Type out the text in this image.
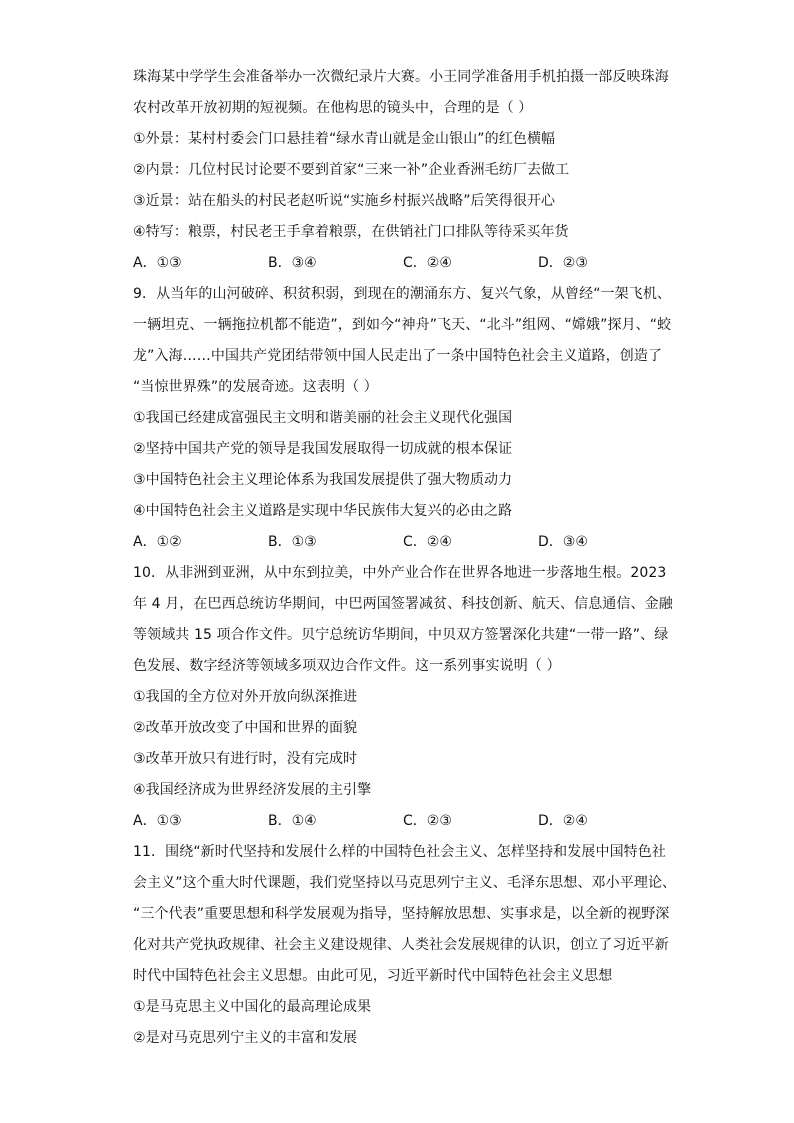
珠海某中学学生会准备举办一次微纪录片大赛。小王同学准备用手机拍摄一部反映珠海
农村改革开放初期的短视频。在他构思的镜头中，合理的是（ ）
①外景：某村村委会门口悬挂着“绿水青山就是金山银山”的红色横幅
②内景：几位村民讨论要不要到首家“三来一补”企业香洲毛纺厂去做工
③近景：站在船头的村民老赵听说“实施乡村振兴战略”后笑得很开心
④特写：粮票，村民老王手拿着粮票，在供销社门口排队等待采买年货
A．①③	B．③④	C．②④	D．②③
9．从当年的山河破碎、积贫积弱，到现在的潮涌东方、复兴气象，从曾经“一架飞机、
一辆坦克、一辆拖拉机都不能造”，到如今“神舟”飞天、“北斗”组网、“嫦娥”探月、“蛟
龙”入海……中国共产党团结带领中国人民走出了一条中国特色社会主义道路，创造了
“当惊世界殊”的发展奇迹。这表明（ ）
①我国已经建成富强民主文明和谐美丽的社会主义现代化强国
②坚持中国共产党的领导是我国发展取得一切成就的根本保证
③中国特色社会主义理论体系为我国发展提供了强大物质动力
④中国特色社会主义道路是实现中华民族伟大复兴的必由之路
A．①②	B．①③	C．②④	D．③④
10．从非洲到亚洲，从中东到拉美，中外产业合作在世界各地进一步落地生根。2023
年 4 月，在巴西总统访华期间，中巴两国签署减贫、科技创新、航天、信息通信、金融
等领域共 15 项合作文件。贝宁总统访华期间，中贝双方签署深化共建“一带一路”、绿
色发展、数字经济等领域多项双边合作文件。这一系列事实说明（ ）
①我国的全方位对外开放向纵深推进
②改革开放改变了中国和世界的面貌
③改革开放只有进行时，没有完成时
④我国经济成为世界经济发展的主引擎
A．①③	B．①④	C．②③	D．②④
11．围绕“新时代坚持和发展什么样的中国特色社会主义、怎样坚持和发展中国特色社
会主义”这个重大时代课题，我们党坚持以马克思列宁主义、毛泽东思想、邓小平理论、
“三个代表”重要思想和科学发展观为指导，坚持解放思想、实事求是，以全新的视野深
化对共产党执政规律、社会主义建设规律、人类社会发展规律的认识，创立了习近平新
时代中国特色社会主义思想。由此可见，习近平新时代中国特色社会主义思想
①是马克思主义中国化的最高理论成果
②是对马克思列宁主义的丰富和发展
